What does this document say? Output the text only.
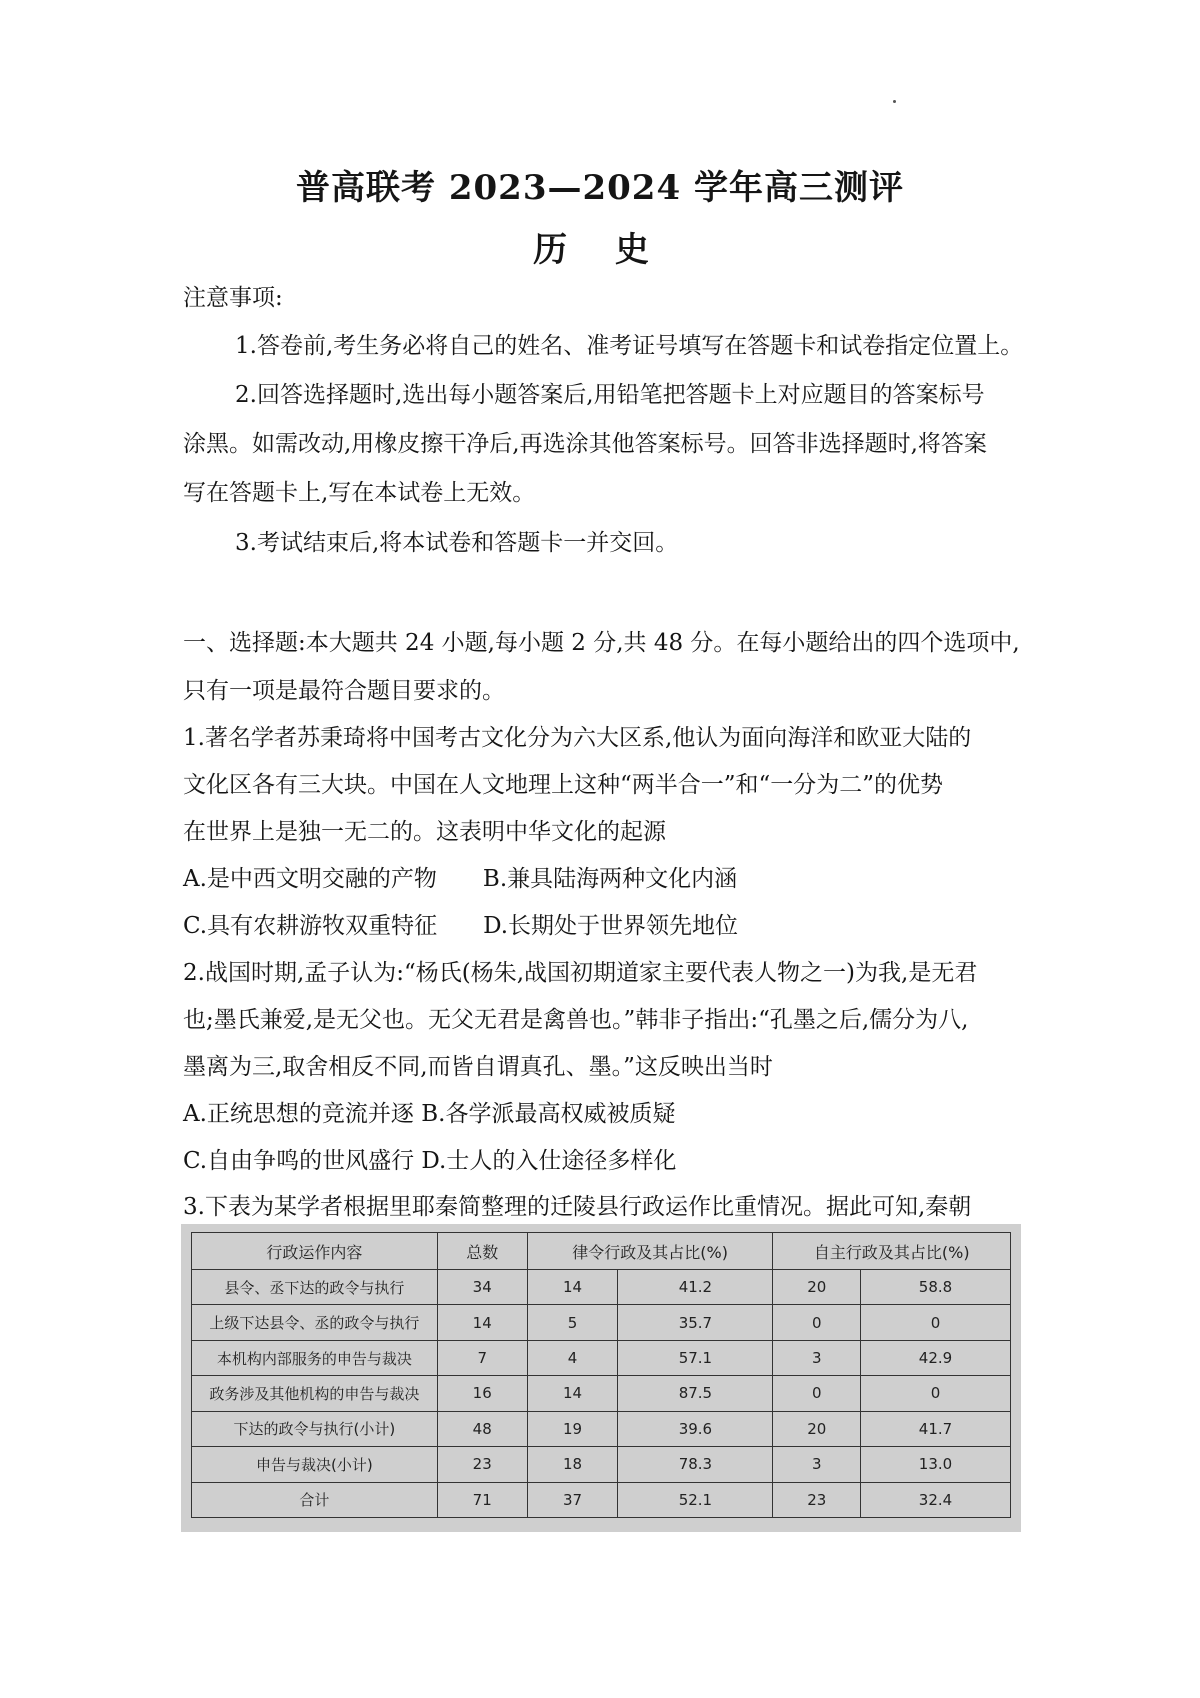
普高联考 2023—2024 学年高三测评
历 史
注意事项:
1.答卷前,考生务必将自己的姓名、准考证号填写在答题卡和试卷指定位置上。
2.回答选择题时,选出每小题答案后,用铅笔把答题卡上对应题目的答案标号
涂黑。如需改动,用橡皮擦干净后,再选涂其他答案标号。回答非选择题时,将答案
写在答题卡上,写在本试卷上无效。
3.考试结束后,将本试卷和答题卡一并交回。
一、选择题:本大题共 24 小题,每小题 2 分,共 48 分。在每小题给出的四个选项中,
只有一项是最符合题目要求的。
1.著名学者苏秉琦将中国考古文化分为六大区系,他认为面向海洋和欧亚大陆的
文化区各有三大块。中国在人文地理上这种“两半合一”和“一分为二”的优势
在世界上是独一无二的。这表明中华文化的起源
A.是中西文明交融的产物　　B.兼具陆海两种文化内涵
C.具有农耕游牧双重特征　　D.长期处于世界领先地位
2.战国时期,孟子认为:“杨氏(杨朱,战国初期道家主要代表人物之一)为我,是无君
也;墨氏兼爱,是无父也。无父无君是禽兽也。”韩非子指出:“孔墨之后,儒分为八,
墨离为三,取舍相反不同,而皆自谓真孔、墨。”这反映出当时
A.正统思想的竞流并逐 B.各学派最高权威被质疑
C.自由争鸣的世风盛行 D.士人的入仕途径多样化
3.下表为某学者根据里耶秦简整理的迁陵县行政运作比重情况。据此可知,秦朝
行政运作内容	总数	律令行政及其占比(%)		自主行政及其占比(%)	
县令、丞下达的政令与执行	34	14	41.2	20	58.8
上级下达县令、丞的政令与执行	14	5	35.7	0	0
本机构内部服务的申告与裁决	7	4	57.1	3	42.9
政务涉及其他机构的申告与裁决	16	14	87.5	0	0
下达的政令与执行(小计)	48	19	39.6	20	41.7
申告与裁决(小计)	23	18	78.3	3	13.0
合计	71	37	52.1	23	32.4
